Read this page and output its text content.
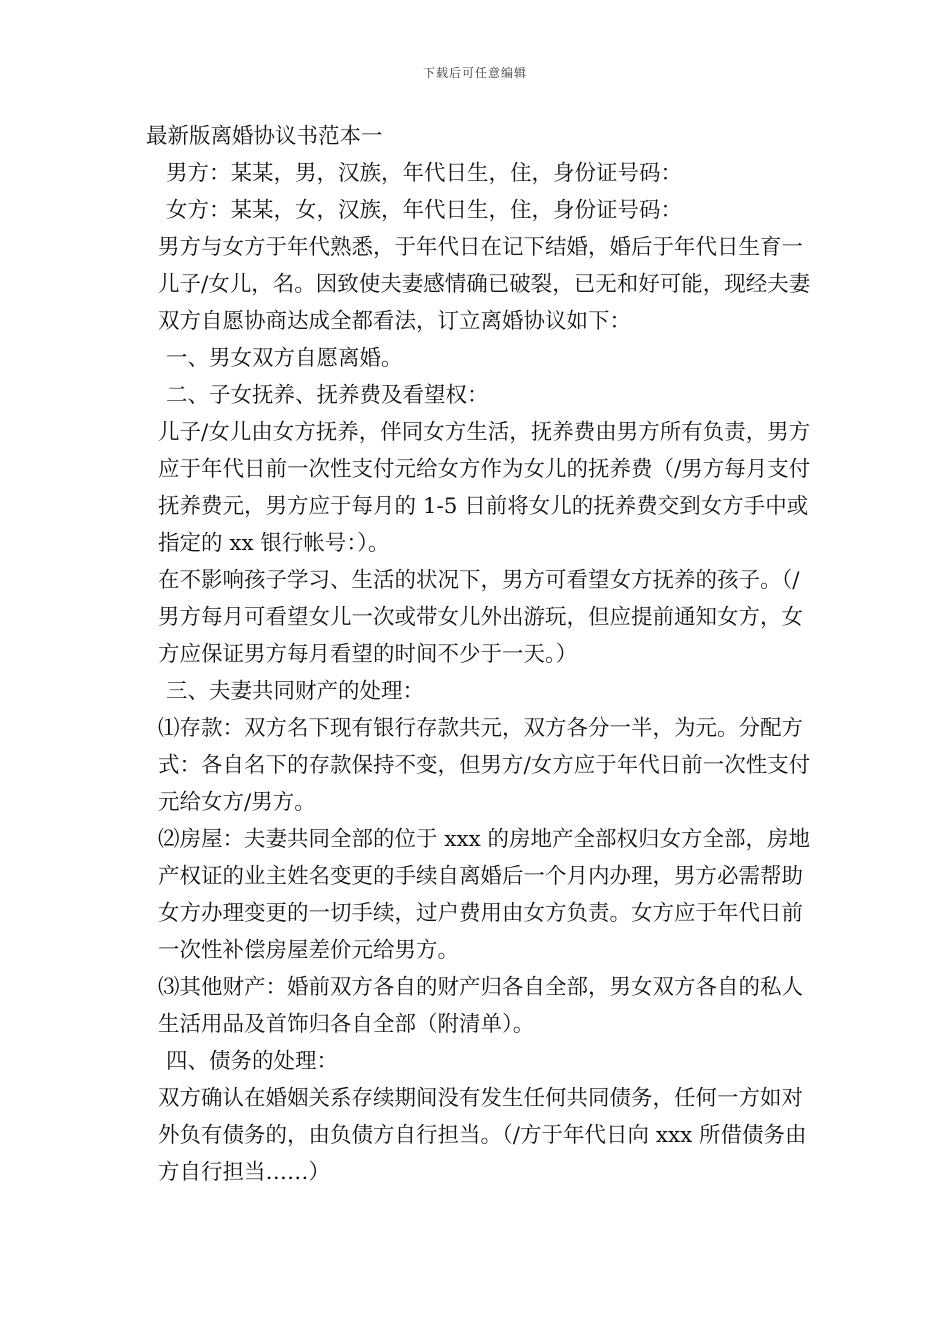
下载后可任意编辑

最新版离婚协议书范本一

男方：某某，男，汉族，年代日生，住，身份证号码：

女方：某某，女，汉族，年代日生，住，身份证号码：

男方与女方于年代熟悉，于年代日在记下结婚，婚后于年代日生育一儿子/女儿，名。因致使夫妻感情确已破裂，已无和好可能，现经夫妻双方自愿协商达成全都看法，订立离婚协议如下：

一、男女双方自愿离婚。

二、子女抚养、抚养费及看望权：

儿子/女儿由女方抚养，伴同女方生活，抚养费由男方所有负责，男方应于年代日前一次性支付元给女方作为女儿的抚养费（/男方每月支付抚养费元，男方应于每月的 1-5 日前将女儿的抚养费交到女方手中或指定的 xx 银行帐号：）。

在不影响孩子学习、生活的状况下，男方可看望女方抚养的孩子。（/男方每月可看望女儿一次或带女儿外出游玩，但应提前通知女方，女方应保证男方每月看望的时间不少于一天。）

三、夫妻共同财产的处理：

⑴存款：双方名下现有银行存款共元，双方各分一半，为元。分配方式：各自名下的存款保持不变，但男方/女方应于年代日前一次性支付元给女方/男方。

⑵房屋：夫妻共同全部的位于 xxx 的房地产全部权归女方全部，房地产权证的业主姓名变更的手续自离婚后一个月内办理，男方必需帮助女方办理变更的一切手续，过户费用由女方负责。女方应于年代日前一次性补偿房屋差价元给男方。

⑶其他财产：婚前双方各自的财产归各自全部，男女双方各自的私人生活用品及首饰归各自全部（附清单）。

四、债务的处理：

双方确认在婚姻关系存续期间没有发生任何共同债务，任何一方如对外负有债务的，由负债方自行担当。（/方于年代日向 xxx 所借债务由方自行担当……）
